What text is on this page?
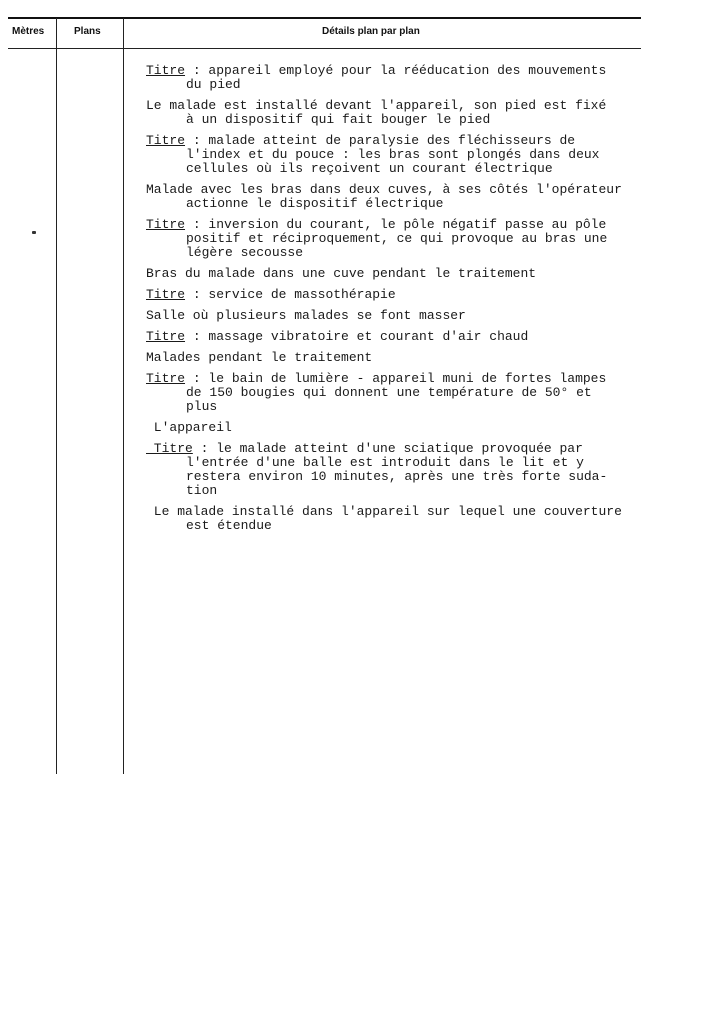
Mètres	Plans	Détails plan par plan
Titre : appareil employé pour la rééducation des mouvements
du pied
Le malade est installé devant l'appareil, son pied est fixé
à un dispositif qui fait bouger le pied
Titre : malade atteint de paralysie des fléchisseurs de
l'index et du pouce : les bras sont plongés dans deux
cellules où ils reçoivent un courant électrique
Malade avec les bras dans deux cuves, à ses côtés l'opérateur
actionne le dispositif électrique
Titre : inversion du courant, le pôle négatif passe au pôle
positif et réciproquement, ce qui provoque au bras une
légère secousse
Bras du malade dans une cuve pendant le traitement
Titre : service de massothérapie
Salle où plusieurs malades se font masser
Titre : massage vibratoire et courant d'air chaud
Malades pendant le traitement
Titre : le bain de lumière - appareil muni de fortes lampes
de 150 bougies qui donnent une température de 50° et
plus
L'appareil
Titre : le malade atteint d'une sciatique provoquée par
l'entrée d'une balle est introduit dans le lit et y
restera environ 10 minutes, après une très forte suda-
tion
Le malade installé dans l'appareil sur lequel une couverture
est étendue
